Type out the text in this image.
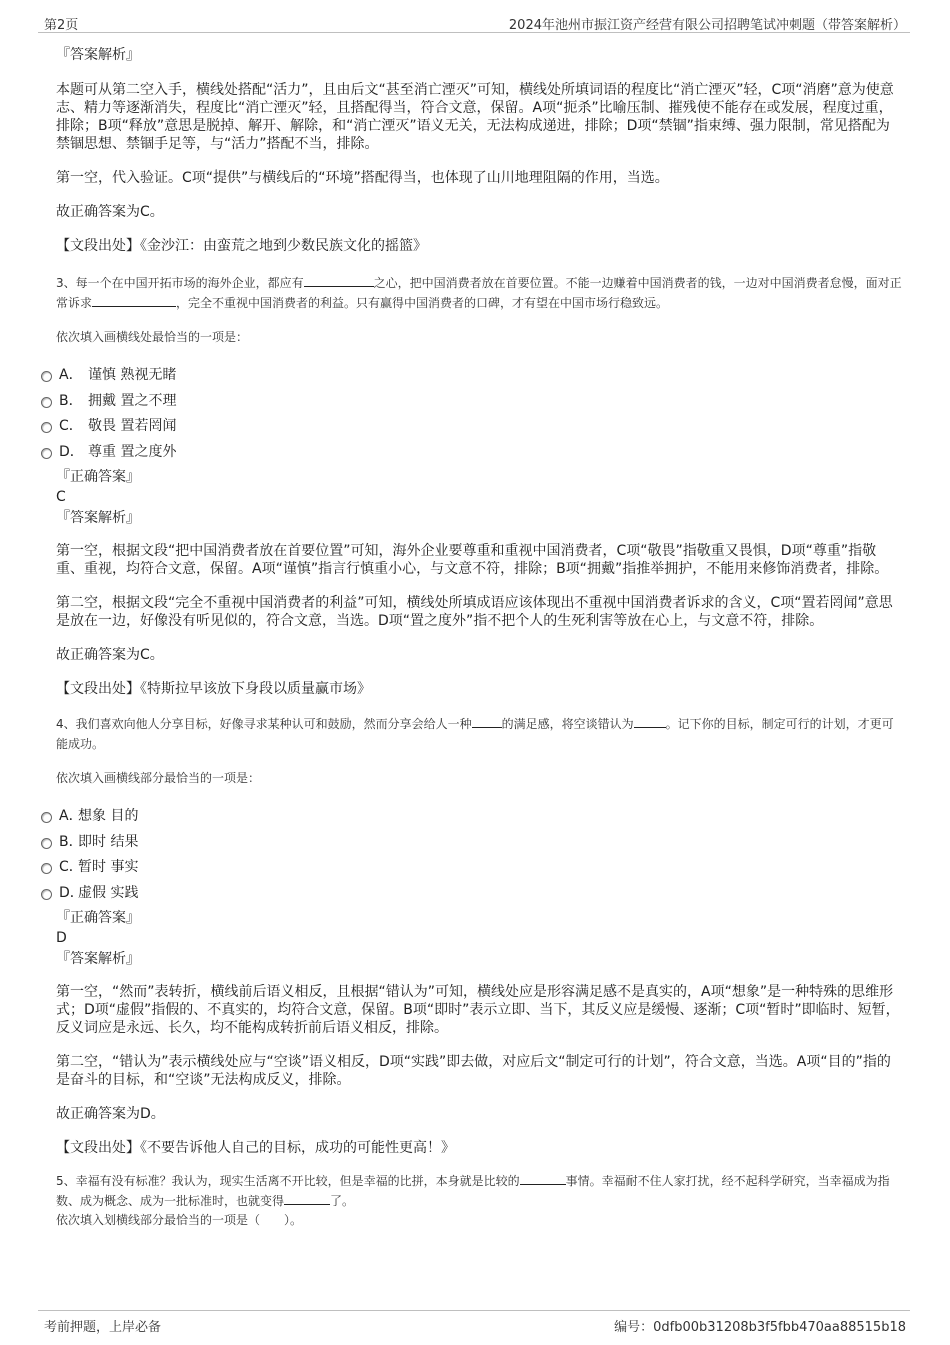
第2页	2024年池州市振江资产经营有限公司招聘笔试冲刺题（带答案解析）
『答案解析』

本题可从第二空入手，横线处搭配“活力”，且由后文“甚至消亡湮灭”可知，横线处所填词语的程度比“消亡湮灭”轻，C项“消磨”意为使意志、精力等逐渐消失，程度比“消亡湮灭”轻，且搭配得当，符合文意，保留。A项“扼杀”比喻压制、摧残使不能存在或发展，程度过重，排除；B项“释放”意思是脱掉、解开、解除，和“消亡湮灭”语义无关，无法构成递进，排除；D项“禁锢”指束缚、强力限制，常见搭配为禁锢思想、禁锢手足等，与“活力”搭配不当，排除。

第一空，代入验证。C项“提供”与横线后的“环境”搭配得当，也体现了山川地理阻隔的作用，当选。

故正确答案为C。

【文段出处】《金沙江：由蛮荒之地到少数民族文化的摇篮》

3、每一个在中国开拓市场的海外企业，都应有	之心，把中国消费者放在首要位置。不能一边赚着中国消费者的钱，一边对中国消费者怠慢，面对正常诉求	，完全不重视中国消费者的利益。只有赢得中国消费者的口碑，才有望在中国市场行稳致远。
依次填入画横线处最恰当的一项是：
A． 谨慎 熟视无睹
B． 拥戴 置之不理
C． 敬畏 置若罔闻
D． 尊重 置之度外
『正确答案』
C
『答案解析』

第一空，根据文段“把中国消费者放在首要位置”可知，海外企业要尊重和重视中国消费者，C项“敬畏”指敬重又畏惧，D项“尊重”指敬重、重视，均符合文意，保留。A项“谨慎”指言行慎重小心，与文意不符，排除；B项“拥戴”指推举拥护，不能用来修饰消费者，排除。

第二空，根据文段“完全不重视中国消费者的利益”可知，横线处所填成语应该体现出不重视中国消费者诉求的含义，C项“置若罔闻”意思是放在一边，好像没有听见似的，符合文意，当选。D项“置之度外”指不把个人的生死利害等放在心上，与文意不符，排除。

故正确答案为C。

【文段出处】《特斯拉早该放下身段以质量赢市场》

4、我们喜欢向他人分享目标，好像寻求某种认可和鼓励，然而分享会给人一种	的满足感，将空谈错认为	。记下你的目标，制定可行的计划，才更可能成功。
依次填入画横线部分最恰当的一项是：
A．
想象 目的
B．
即时 结果
C．
暂时 事实
D．
虚假 实践
『正确答案』
D
『答案解析』

第一空，“然而”表转折，横线前后语义相反，且根据“错认为”可知，横线处应是形容满足感不是真实的，A项“想象”是一种特殊的思维形式；D项“虚假”指假的、不真实的，均符合文意，保留。B项“即时”表示立即、当下，其反义应是缓慢、逐渐；C项“暂时”即临时、短暂，反义词应是永远、长久，均不能构成转折前后语义相反，排除。

第二空，“错认为”表示横线处应与“空谈”语义相反，D项“实践”即去做，对应后文“制定可行的计划”，符合文意，当选。A项“目的”指的是奋斗的目标，和“空谈”无法构成反义，排除。

故正确答案为D。

【文段出处】《不要告诉他人自己的目标，成功的可能性更高！》

5、幸福有没有标准？我认为，现实生活离不开比较，但是幸福的比拼，本身就是比较的	事情。幸福耐不住人家打扰，经不起科学研究，当幸福成为指数、成为概念、成为一批标准时，也就变得	了。
依次填入划横线部分最恰当的一项是（　　）。
考前押题，上岸必备	编号：0dfb00b31208b3f5fbb470aa88515b18
